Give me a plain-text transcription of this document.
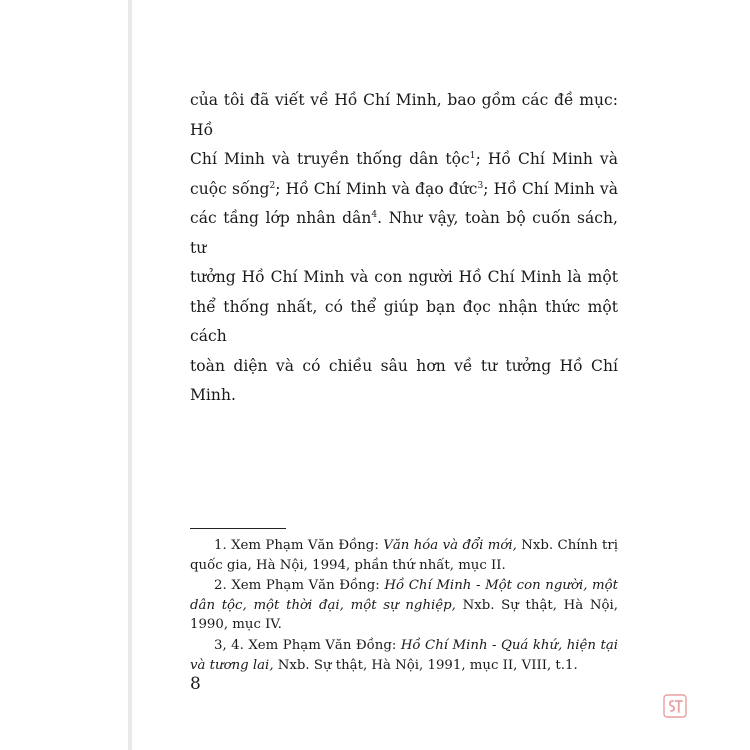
của tôi đã viết về Hồ Chí Minh, bao gồm các đề mục: Hồ
Chí Minh và truyền thống dân tộc$^1$; Hồ Chí Minh và
cuộc sống$^2$; Hồ Chí Minh và đạo đức$^3$; Hồ Chí Minh và
các tầng lớp nhân dân$^4$. Như vậy, toàn bộ cuốn sách, tư
tưởng Hồ Chí Minh và con người Hồ Chí Minh là một
thể thống nhất, có thể giúp bạn đọc nhận thức một cách
toàn diện và có chiều sâu hơn về tư tưởng Hồ Chí Minh.
1. Xem Phạm Văn Đồng: Văn hóa và đổi mới, Nxb. Chính trị
quốc gia, Hà Nội, 1994, phần thứ nhất, mục II.
2. Xem Phạm Văn Đồng: Hồ Chí Minh - Một con người, một
dân tộc, một thời đại, một sự nghiệp, Nxb. Sự thật, Hà Nội,
1990, mục IV.
3, 4. Xem Phạm Văn Đồng: Hồ Chí Minh - Quá khứ, hiện tại
và tương lai, Nxb. Sự thật, Hà Nội, 1991, mục II, VIII, t.1.
8
